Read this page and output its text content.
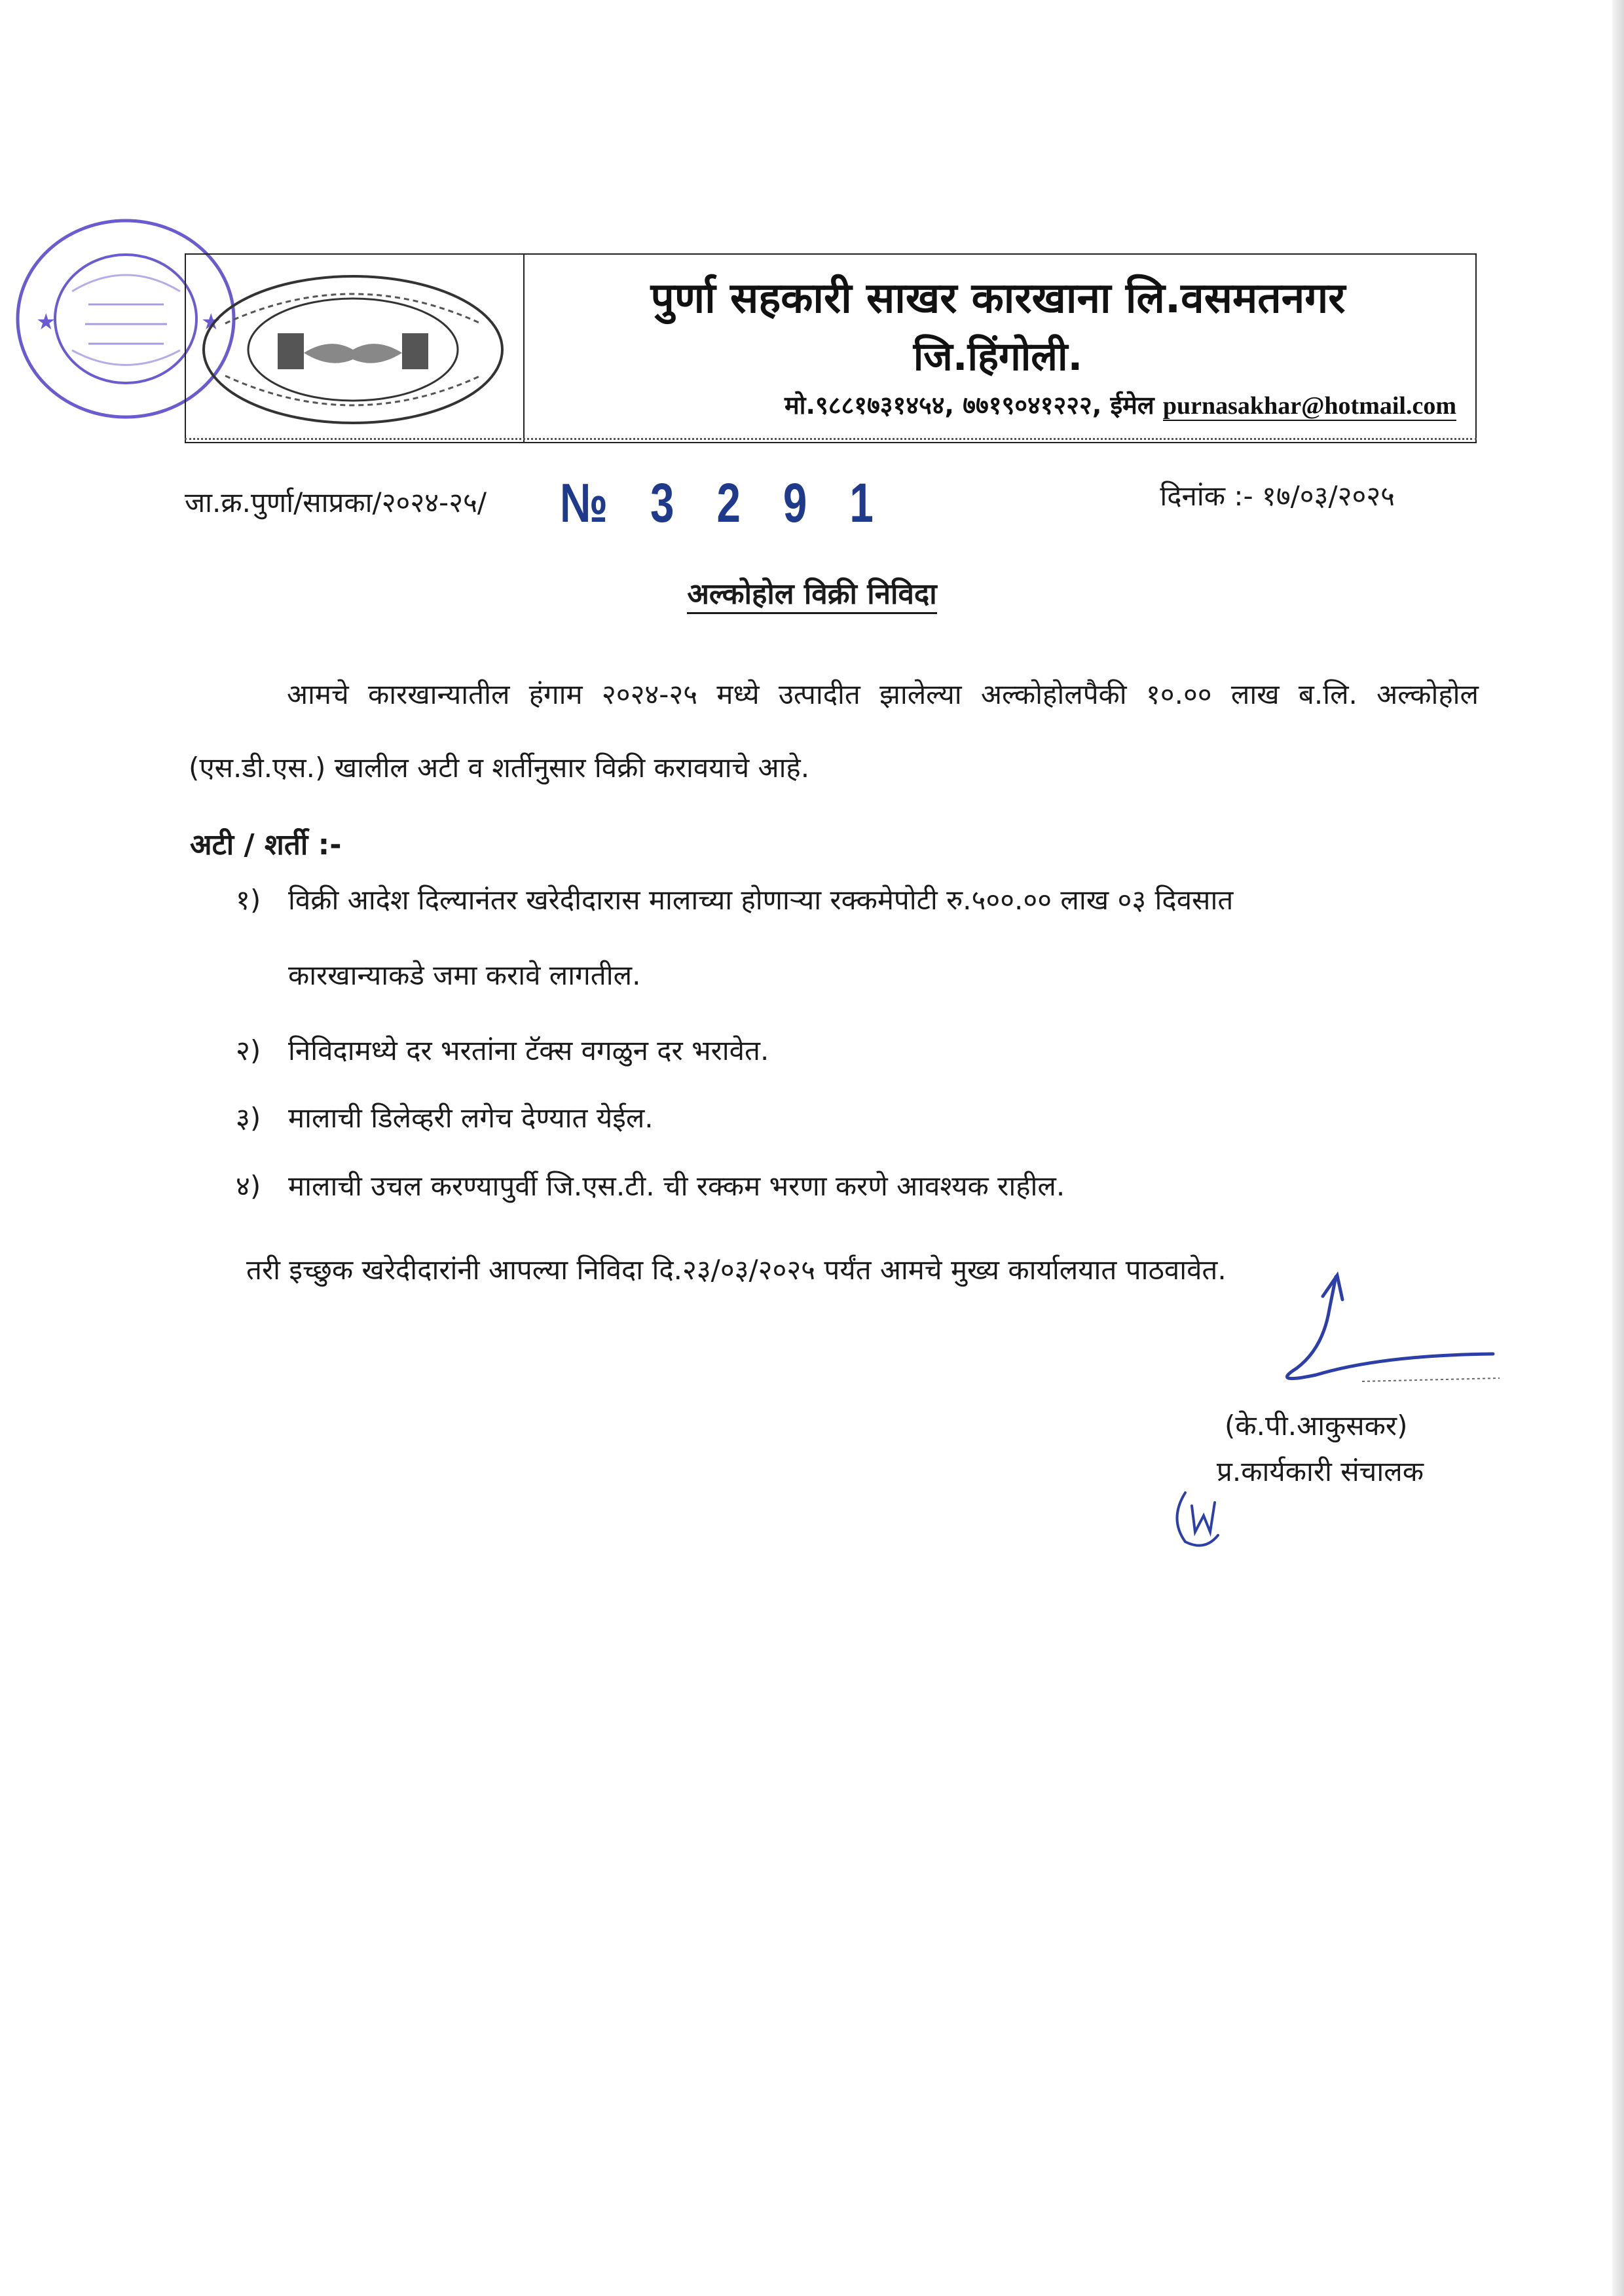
★	★	पुर्णा सहकारी साखर कारखाना लि.वसमतनगर
जि.हिंगोली.
मो.९८८१७३१४५४, ७७१९०४१२२२, ईमेल purnasakhar@hotmail.com
जा.क्र.पुर्णा/साप्रका/२०२४-२५/ № 3 2 9 1	दिनांक :- १७/०३/२०२५
अल्कोहोल विक्री निविदा
आमचे कारखान्यातील हंगाम २०२४-२५ मध्ये उत्पादीत झालेल्या अल्कोहोलपैकी १०.०० लाख ब.लि. अल्कोहोल (एस.डी.एस.) खालील अटी व शर्तीनुसार विक्री करावयाचे आहे.
अटी / शर्ती :-
१) विक्री आदेश दिल्यानंतर खरेदीदारास मालाच्या होणाऱ्या रक्कमेपोटी रु.५००.०० लाख ०३ दिवसात
कारखान्याकडे जमा करावे लागतील.
२) निविदामध्ये दर भरतांना टॅक्स वगळुन दर भरावेत.
३) मालाची डिलेव्हरी लगेच देण्यात येईल.
४) मालाची उचल करण्यापुर्वी जि.एस.टी. ची रक्कम भरणा करणे आवश्यक राहील.
तरी इच्छुक खरेदीदारांनी आपल्या निविदा दि.२३/०३/२०२५ पर्यंत आमचे मुख्य कार्यालयात पाठवावेत.
(के.पी.आकुसकर)
प्र.कार्यकारी संचालक
